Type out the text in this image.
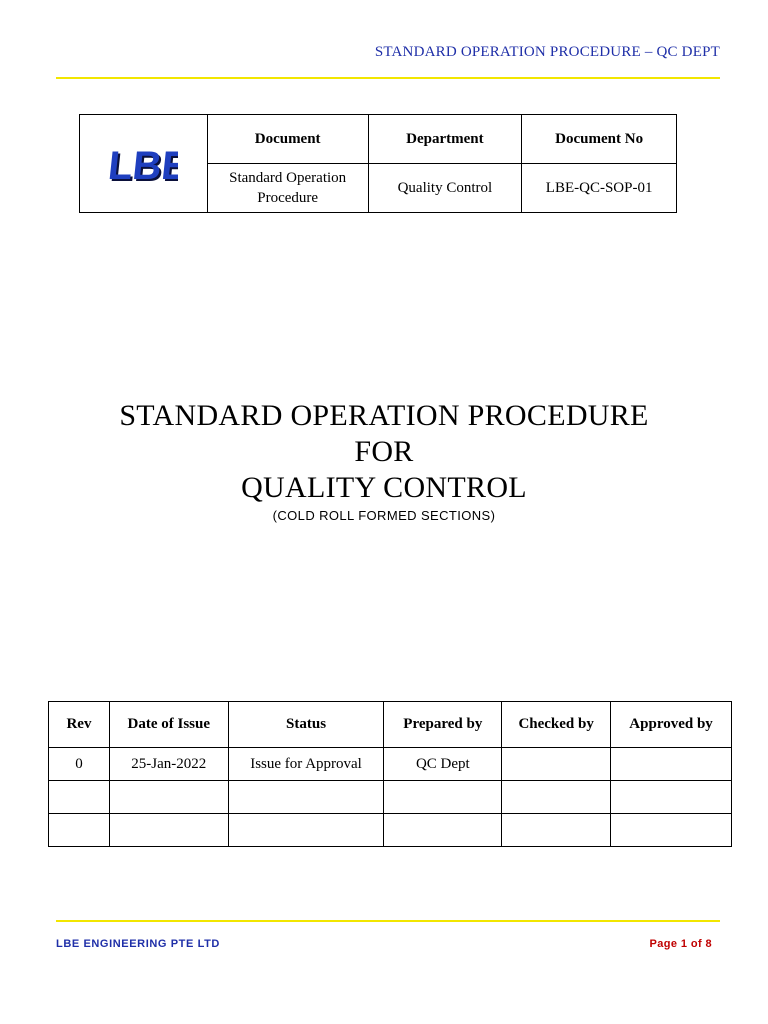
STANDARD OPERATION PROCEDURE – QC DEPT
LBE
LBE	Document	Department	Document No
	Standard Operation Procedure	Quality Control	LBE-QC-SOP-01
STANDARD OPERATION PROCEDURE
FOR
QUALITY CONTROL
(COLD ROLL FORMED SECTIONS)
Rev	Date of Issue	Status	Prepared by	Checked by	Approved by
0	25-Jan-2022	Issue for Approval	QC Dept		

LBE ENGINEERING PTE LTD	Page 1 of 8
